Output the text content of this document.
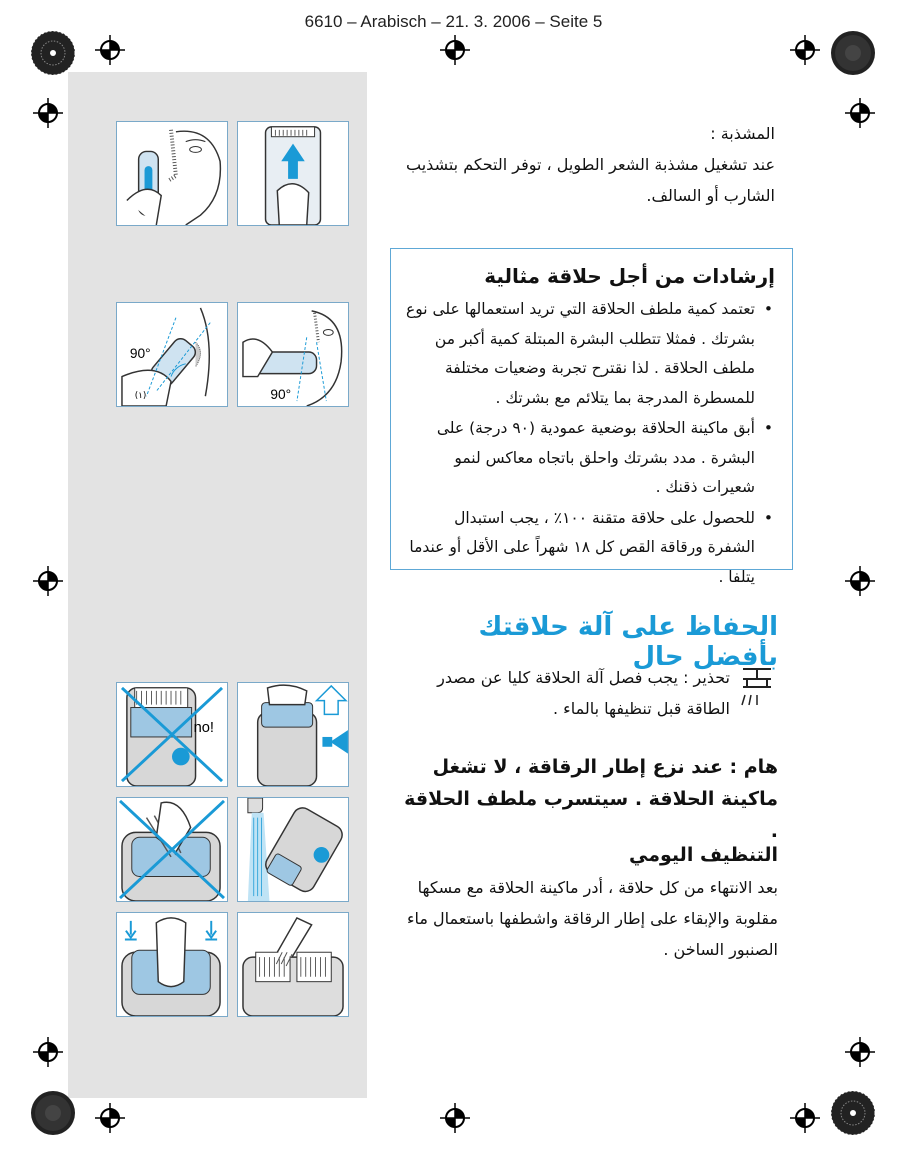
6610 – Arabisch – 21. 3. 2006 – Seite 5
90°
(١)	90°
no!
المشذبة :
عند تشغيل مشذبة الشعر الطويل ، توفر التحكم بتشذيب الشارب أو السالف.
إرشادات من أجل حلاقة مثالية
•
تعتمد كمية ملطف الحلاقة التي تريد استعمالها على نوع بشرتك . فمثلا تتطلب البشرة المبتلة كمية أكبر من ملطف الحلاقة . لذا نقترح تجربة وضعيات مختلفة للمسطرة المدرجة بما يتلائم مع بشرتك .
•
أبق ماكينة الحلاقة بوضعية عمودية (٩٠ درجة) على البشرة . مدد بشرتك واحلق باتجاه معاكس لنمو شعيرات ذقنك .
•
للحصول على حلاقة متقنة ١٠٠٪ ، يجب استبدال الشفرة ورقاقة القص كل ١٨ شهراً على الأقل أو عندما يتلفا .
الحفاظ على آلة حلاقتك بأفضل حال
تحذير : يجب فصل آلة الحلاقة كليا عن مصدر الطاقة قبل تنظيفها بالماء .
هام : عند نزع إطار الرقاقة ، لا تشغل ماكينة الحلاقة . سيتسرب ملطف الحلاقة .
التنظيف اليومي
بعد الانتهاء من كل حلاقة ، أدر ماكينة الحلاقة مع مسكها مقلوبة والإبقاء على إطار الرقاقة واشطفها باستعمال ماء الصنبور الساخن .
